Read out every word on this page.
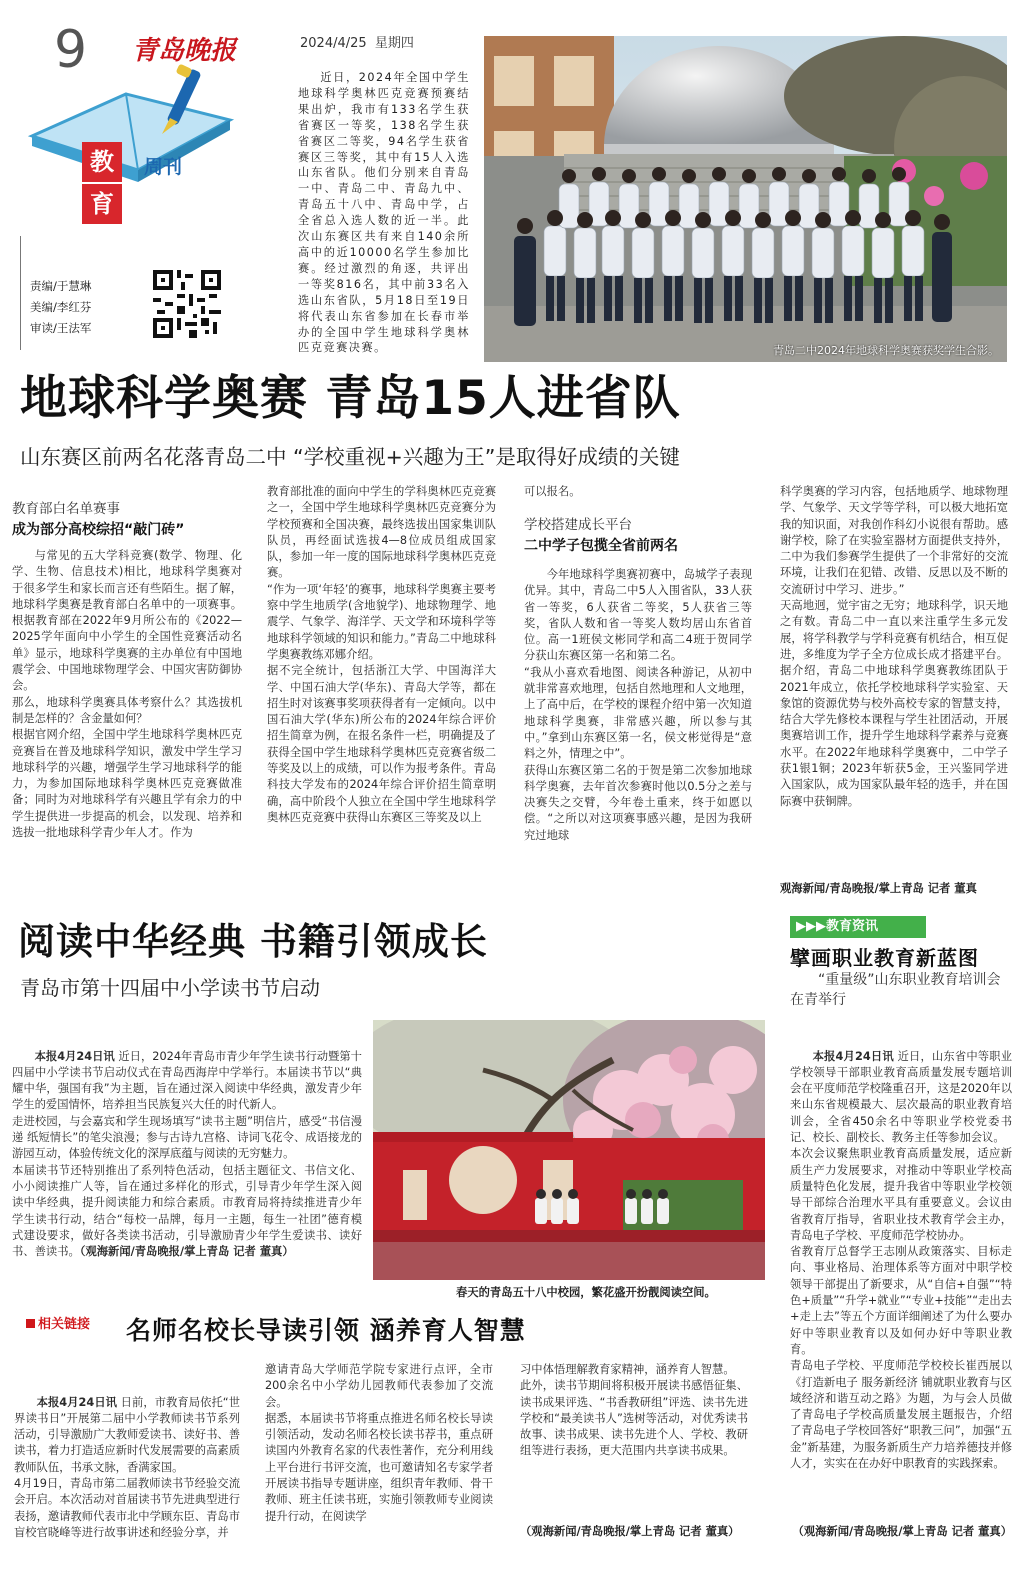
9 青岛晚报	2024/4/25 星期四
教
育
周刊
责编/于慧琳
美编/李红芬
审读/王法军
近日，2024年全国中学生地球科学奥林匹克竞赛预赛结果出炉，我市有133名学生获省赛区一等奖，138名学生获省赛区二等奖，94名学生获省赛区三等奖，其中有15人入选山东省队。他们分别来自青岛一中、青岛二中、青岛九中、青岛五十八中、青岛中学，占全省总入选人数的近一半。此次山东赛区共有来自140余所高中的近10000名学生参加比赛。经过激烈的角逐，共评出一等奖816名，其中前33名入选山东省队，5月18日至19日将代表山东省参加在长春市举办的全国中学生地球科学奥林匹克竞赛决赛。	青岛二中2024年地球科学奥赛获奖学生合影。
地球科学奥赛 青岛15人进省队
山东赛区前两名花落青岛二中 “学校重视+兴趣为王”是取得好成绩的关键
教育部白名单赛事
成为部分高校综招“敲门砖”
与常见的五大学科竞赛(数学、物理、化学、生物、信息技术)相比，地球科学奥赛对于很多学生和家长而言还有些陌生。据了解，地球科学奥赛是教育部白名单中的一项赛事。根据教育部在2022年9月所公布的《2022—2025学年面向中小学生的全国性竞赛活动名单》显示，地球科学奥赛的主办单位有中国地震学会、中国地球物理学会、中国灾害防御协会。
那么，地球科学奥赛具体考察什么？其选拔机制是怎样的？含金量如何？
根据官网介绍，全国中学生地球科学奥林匹克竞赛旨在普及地球科学知识，激发中学生学习地球科学的兴趣，增强学生学习地球科学的能力，为参加国际地球科学奥林匹克竞赛做准备；同时为对地球科学有兴趣且学有余力的中学生提供进一步提高的机会，以发现、培养和选拔一批地球科学青少年人才。作为
教育部批准的面向中学生的学科奥林匹克竞赛之一，全国中学生地球科学奥林匹克竞赛分为学校预赛和全国决赛，最终选拔出国家集训队队员，再经面试选拔4—8位成员组成国家队，参加一年一度的国际地球科学奥林匹克竞赛。
“作为一项‘年轻’的赛事，地球科学奥赛主要考察中学生地质学(含地貌学)、地球物理学、地震学、气象学、海洋学、天文学和环境科学等地球科学领域的知识和能力。”青岛二中地球科学奥赛教练邓娜介绍。
据不完全统计，包括浙江大学、中国海洋大学、中国石油大学(华东)、青岛大学等，都在招生时对该赛事奖项获得者有一定倾向。以中国石油大学(华东)所公布的2024年综合评价招生简章为例，在报名条件一栏，明确提及了获得全国中学生地球科学奥林匹克竞赛省级二等奖及以上的成绩，可以作为报考条件。青岛科技大学发布的2024年综合评价招生简章明确，高中阶段个人独立在全国中学生地球科学奥林匹克竞赛中获得山东赛区三等奖及以上
可以报名。
学校搭建成长平台
二中学子包揽全省前两名
今年地球科学奥赛初赛中，岛城学子表现优异。其中，青岛二中5人入围省队，33人获省一等奖，6人获省二等奖，5人获省三等奖，省队人数和省一等奖人数均居山东省首位。高一1班侯文彬同学和高二4班于贺同学分获山东赛区第一名和第二名。
“我从小喜欢看地图、阅读各种游记，从初中就非常喜欢地理，包括自然地理和人文地理，上了高中后，在学校的课程介绍中第一次知道地球科学奥赛，非常感兴趣，所以参与其中。”拿到山东赛区第一名，侯文彬觉得是“意料之外，情理之中”。
获得山东赛区第二名的于贺是第二次参加地球科学奥赛，去年首次参赛时他以0.5分之差与决赛失之交臂，今年卷土重来，终于如愿以偿。“之所以对这项赛事感兴趣，是因为我研究过地球
科学奥赛的学习内容，包括地质学、地球物理学、气象学、天文学等学科，可以极大地拓宽我的知识面，对我创作科幻小说很有帮助。感谢学校，除了在实验室器材方面提供支持外，二中为我们参赛学生提供了一个非常好的交流环境，让我们在犯错、改错、反思以及不断的交流研讨中学习、进步。”
天高地迥，觉宇宙之无穷；地球科学，识天地之有数。青岛二中一直以来注重学生多元发展，将学科教学与学科竞赛有机结合，相互促进，多维度为学子全方位成长成才搭建平台。据介绍，青岛二中地球科学奥赛教练团队于2021年成立，依托学校地球科学实验室、天象馆的资源优势与校外高校专家的智慧支持，结合大学先修校本课程与学生社团活动，开展奥赛培训工作，提升学生地球科学素养与竞赛水平。在2022年地球科学奥赛中，二中学子获1银1铜；2023年斩获5金，王兴鉴同学进入国家队，成为国家队最年轻的选手，并在国际赛中获铜牌。
观海新闻/青岛晚报/掌上青岛 记者 董真
阅读中华经典 书籍引领成长
青岛市第十四届中小学读书节启动

本报4月24日讯 近日，2024年青岛市青少年学生读书行动暨第十四届中小学读书节启动仪式在青岛西海岸中学举行。本届读书节以“典耀中华，强国有我”为主题，旨在通过深入阅读中华经典，激发青少年学生的爱国情怀，培养担当民族复兴大任的时代新人。
走进校园，与会嘉宾和学生现场填写“读书主题”明信片，感受“书信漫递 纸短情长”的笔尖浪漫；参与古诗九宫格、诗词飞花令、成语接龙的游园互动，体验传统文化的深厚底蕴与阅读的无穷魅力。
本届读书节还特别推出了系列特色活动，包括主题征文、书信文化、小小阅读推广人等，旨在通过多样化的形式，引导青少年学生深入阅读中华经典，提升阅读能力和综合素质。市教育局将持续推进青少年学生读书行动，结合“每校一品牌，每月一主题，每生一社团”德育模式建设要求，做好各类读书活动，引导激励青少年学生爱读书、读好书、善读书。（观海新闻/青岛晚报/掌上青岛 记者 董真）

春天的青岛五十八中校园，繁花盛开扮靓阅读空间。
相关链接 名师名校长导读引领 涵养育人智慧

本报4月24日讯 日前，市教育局依托“世界读书日”开展第二届中小学教师读书节系列活动，引导激励广大教师爱读书、读好书、善读书，着力打造适应新时代发展需要的高素质教师队伍，书承文脉，香满家国。
4月19日，青岛市第二届教师读书节经验交流会开启。本次活动对首届读书节先进典型进行表扬，邀请教师代表市北中学顾东臣、青岛市盲校官晓峰等进行故事讲述和经验分享，并

邀请青岛大学师范学院专家进行点评，全市200余名中小学幼儿园教师代表参加了交流会。
据悉，本届读书节将重点推进名师名校长导读引领活动，发动名师名校长读书荐书，重点研读国内外教育名家的代表性著作，充分利用线上平台进行书评交流，也可邀请知名专家学者开展读书指导专题讲座，组织青年教师、骨干教师、班主任读书班，实施引领教师专业阅读提升行动，在阅读学
习中体悟理解教育家精神，涵养育人智慧。
此外，读书节期间将积极开展读书感悟征集、读书成果评选、“书香教研组”评选、读书先进学校和“最美读书人”选树等活动，对优秀读书故事、读书成果、读书先进个人、学校、教研组等进行表扬，更大范围内共享读书成果。
（观海新闻/青岛晚报/掌上青岛 记者 董真）
▶▶▶教育资讯
擘画职业教育新蓝图
“重量级”山东职业教育培训会在青举行

本报4月24日讯 近日，山东省中等职业学校领导干部职业教育高质量发展专题培训会在平度师范学校隆重召开，这是2020年以来山东省规模最大、层次最高的职业教育培训会，全省450余名中等职业学校党委书记、校长、副校长、教务主任等参加会议。
本次会议聚焦职业教育高质量发展，适应新质生产力发展要求，对推动中等职业学校高质量特色化发展，提升我省中等职业学校领导干部综合治理水平具有重要意义。会议由省教育厅指导，省职业技术教育学会主办，青岛电子学校、平度师范学校协办。
省教育厅总督学王志刚从政策落实、目标走向、事业格局、治理体系等方面对中职学校领导干部提出了新要求，从“自信+自强”“特色+质量”“升学+就业”“专业+技能”“走出去+走上去”等五个方面详细阐述了为什么要办好中等职业教育以及如何办好中等职业教育。
青岛电子学校、平度师范学校校长崔西展以《打造新电子 服务新经济 铺就职业教育与区域经济和谐互动之路》为题，为与会人员做了青岛电子学校高质量发展主题报告，介绍了青岛电子学校回答好“职教三问”，加强“五金”新基建，为服务新质生产力培养德技并修人才，实实在在办好中职教育的实践探索。

（观海新闻/青岛晚报/掌上青岛 记者 董真）
